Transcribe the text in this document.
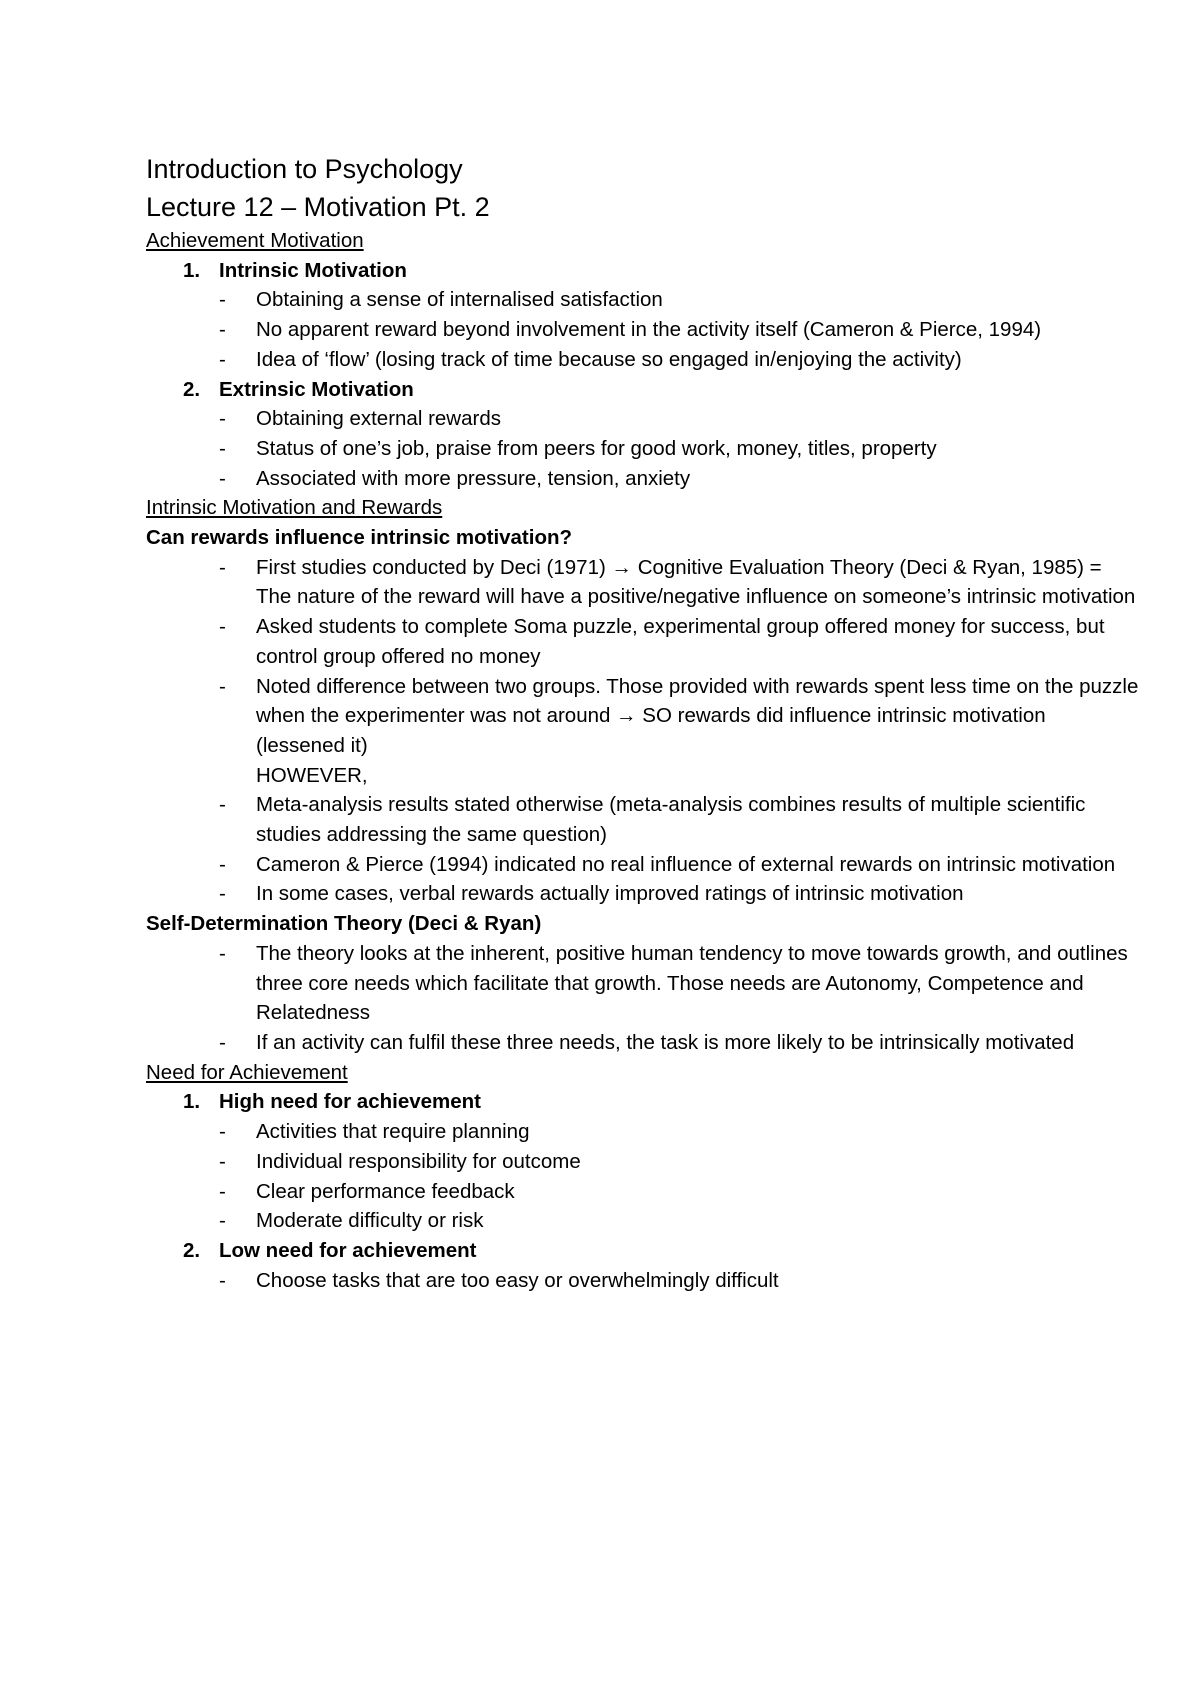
Introduction to Psychology
Lecture 12 – Motivation Pt. 2
Achievement Motivation
1. Intrinsic Motivation
- Obtaining a sense of internalised satisfaction
- No apparent reward beyond involvement in the activity itself (Cameron & Pierce, 1994)
- Idea of ‘flow’ (losing track of time because so engaged in/enjoying the activity)
2. Extrinsic Motivation
- Obtaining external rewards
- Status of one’s job, praise from peers for good work, money, titles, property
- Associated with more pressure, tension, anxiety
Intrinsic Motivation and Rewards
Can rewards influence intrinsic motivation?
- First studies conducted by Deci (1971) → Cognitive Evaluation Theory (Deci & Ryan, 1985) = The nature of the reward will have a positive/negative influence on someone’s intrinsic motivation
- Asked students to complete Soma puzzle, experimental group offered money for success, but control group offered no money
- Noted difference between two groups. Those provided with rewards spent less time on the puzzle when the experimenter was not around → SO rewards did influence intrinsic motivation (lessened it)
HOWEVER,
- Meta-analysis results stated otherwise (meta-analysis combines results of multiple scientific studies addressing the same question)
- Cameron & Pierce (1994) indicated no real influence of external rewards on intrinsic motivation
- In some cases, verbal rewards actually improved ratings of intrinsic motivation
Self-Determination Theory (Deci & Ryan)
- The theory looks at the inherent, positive human tendency to move towards growth, and outlines three core needs which facilitate that growth. Those needs are Autonomy, Competence and Relatedness
- If an activity can fulfil these three needs, the task is more likely to be intrinsically motivated
Need for Achievement
1. High need for achievement
- Activities that require planning
- Individual responsibility for outcome
- Clear performance feedback
- Moderate difficulty or risk
2. Low need for achievement
- Choose tasks that are too easy or overwhelmingly difficult
